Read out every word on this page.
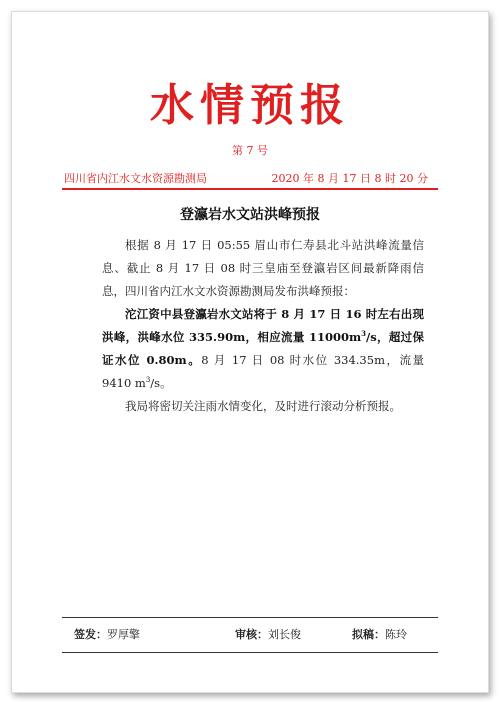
水情预报
第 7 号
四川省内江水文水资源勘测局	2020 年 8 月 17 日 8 时 20 分
登瀛岩水文站洪峰预报

根据 8 月 17 日 05:55 眉山市仁寿县北斗站洪峰流量信息、截止 8 月 17 日 08 时三皇庙至登瀛岩区间最新降雨信息，四川省内江水文水资源勘测局发布洪峰预报：

沱江资中县登瀛岩水文站将于 8 月 17 日 16 时左右出现洪峰，洪峰水位 335.90m，相应流量 $11000m^3/s$，超过保证水位 0.80m。8 月 17 日 08 时水位 334.35m，流量 9410 $m^3/s$。

我局将密切关注雨水情变化，及时进行滚动分析预报。

签发：罗厚擎	审核：刘长俊	拟稿：陈玲
